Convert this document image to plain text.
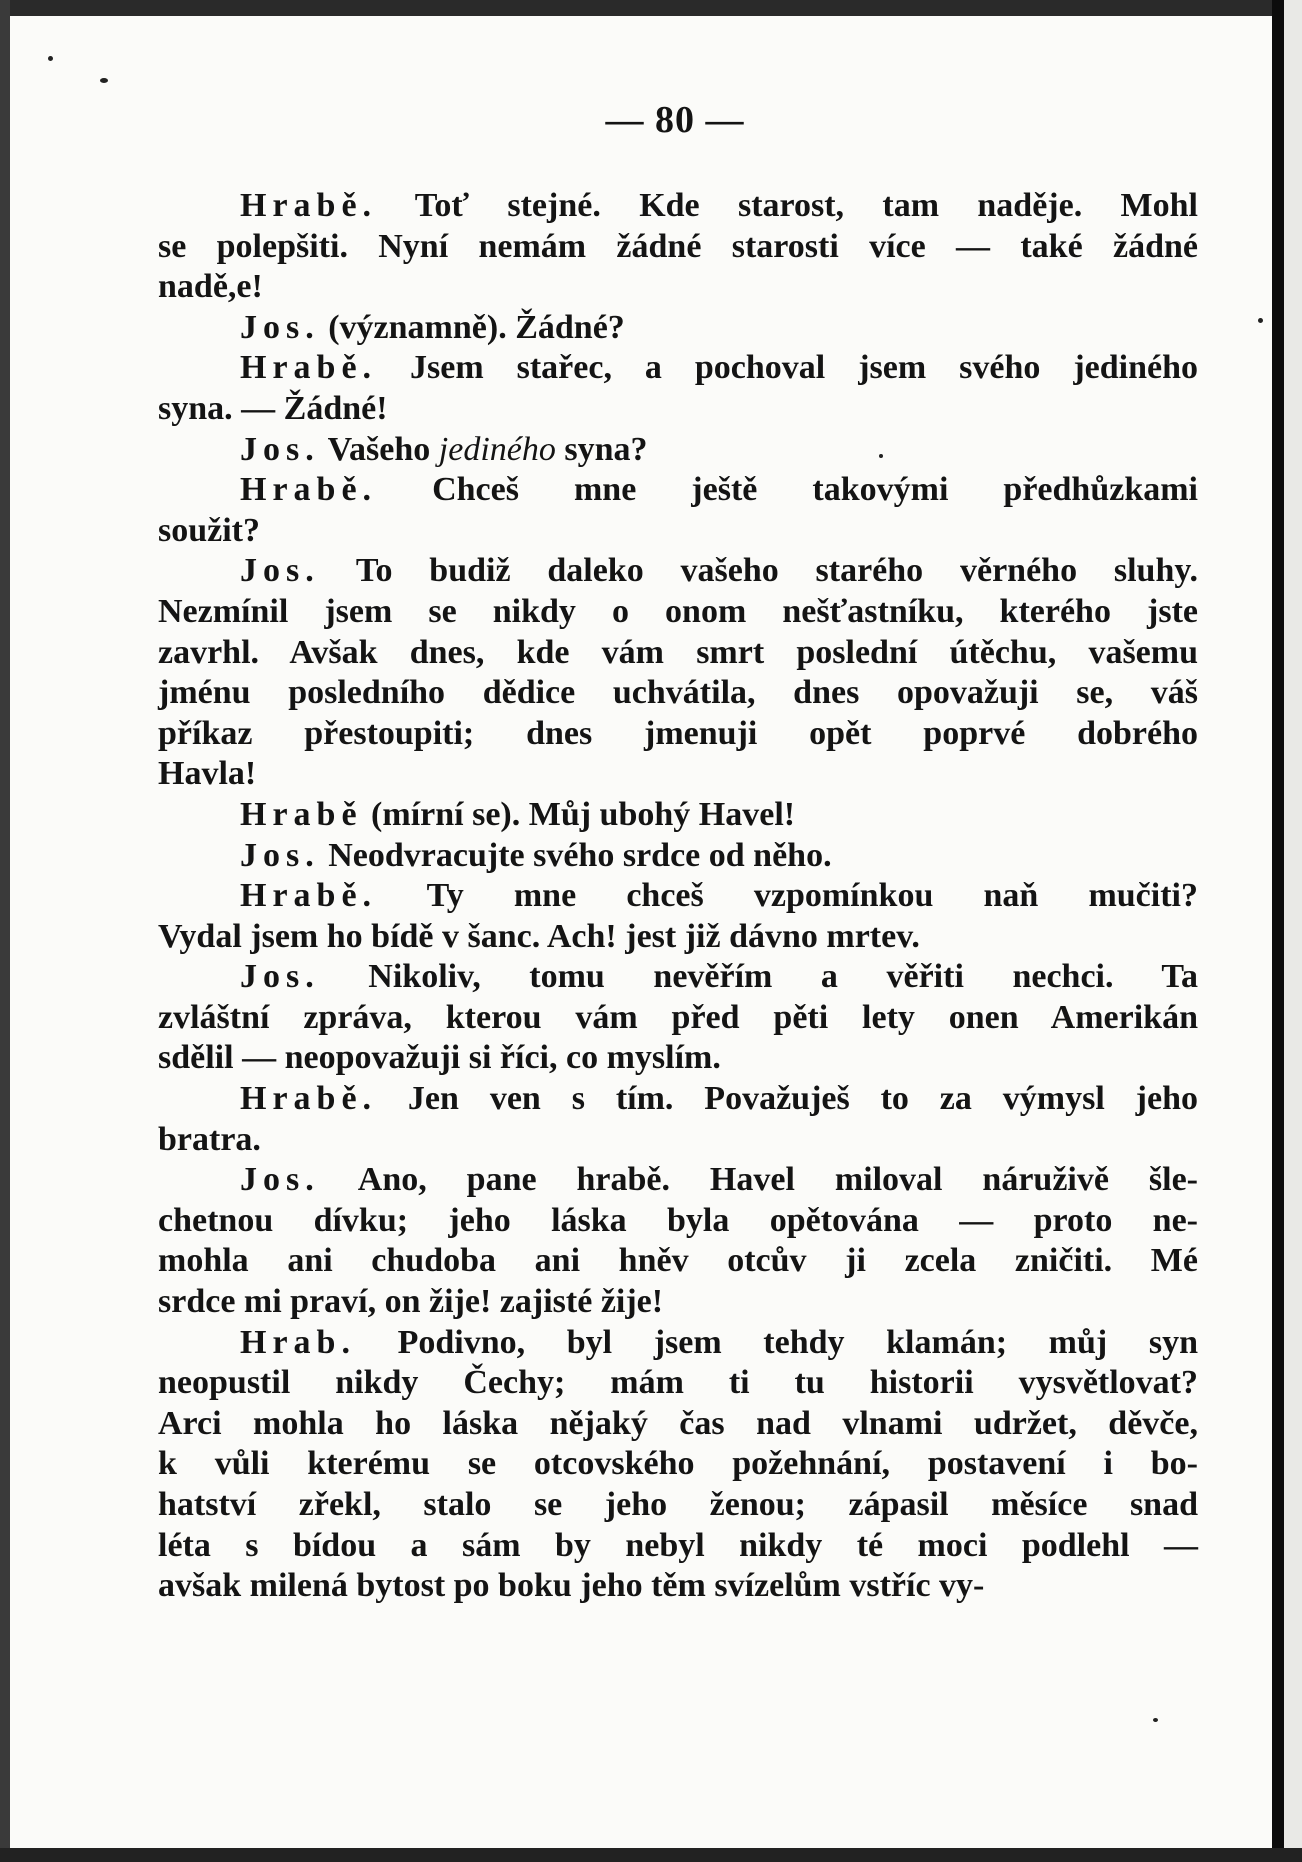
— 80 —
Hrabě. Toť stejné. Kde starost, tam naděje. Mohl
se polepšiti. Nyní nemám žádné starosti více — také žádné
nadě,e!
Jos. (významně). Žádné?
Hrabě. Jsem stařec, a pochoval jsem svého jediného
syna. — Žádné!
Jos. Vašeho jediného syna?
Hrabě. Chceš mne ještě takovými předhůzkami
soužit?
Jos. To budiž daleko vašeho starého věrného sluhy.
Nezmínil jsem se nikdy o onom nešťastníku, kterého jste
zavrhl. Avšak dnes, kde vám smrt poslední útěchu, vašemu
jménu posledního dědice uchvátila, dnes opovažuji se, váš
příkaz přestoupiti; dnes jmenuji opět poprvé dobrého
Havla!
Hrabě (mírní se). Můj ubohý Havel!
Jos. Neodvracujte svého srdce od něho.
Hrabě. Ty mne chceš vzpomínkou naň mučiti?
Vydal jsem ho bídě v šanc. Ach! jest již dávno mrtev.
Jos. Nikoliv, tomu nevěřím a věřiti nechci. Ta
zvláštní zpráva, kterou vám před pěti lety onen Amerikán
sdělil — neopovažuji si říci, co myslím.
Hrabě. Jen ven s tím. Považuješ to za výmysl jeho
bratra.
Jos. Ano, pane hrabě. Havel miloval náruživě šle-
chetnou dívku; jeho láska byla opětována — proto ne-
mohla ani chudoba ani hněv otcův ji zcela zničiti. Mé
srdce mi praví, on žije! zajisté žije!
Hrab. Podivno, byl jsem tehdy klamán; můj syn
neopustil nikdy Čechy; mám ti tu historii vysvětlovat?
Arci mohla ho láska nějaký čas nad vlnami udržet, děvče,
k vůli kterému se otcovského požehnání, postavení i bo-
hatství zřekl, stalo se jeho ženou; zápasil měsíce snad
léta s bídou a sám by nebyl nikdy té moci podlehl —
avšak milená bytost po boku jeho těm svízelům vstříc vy-
